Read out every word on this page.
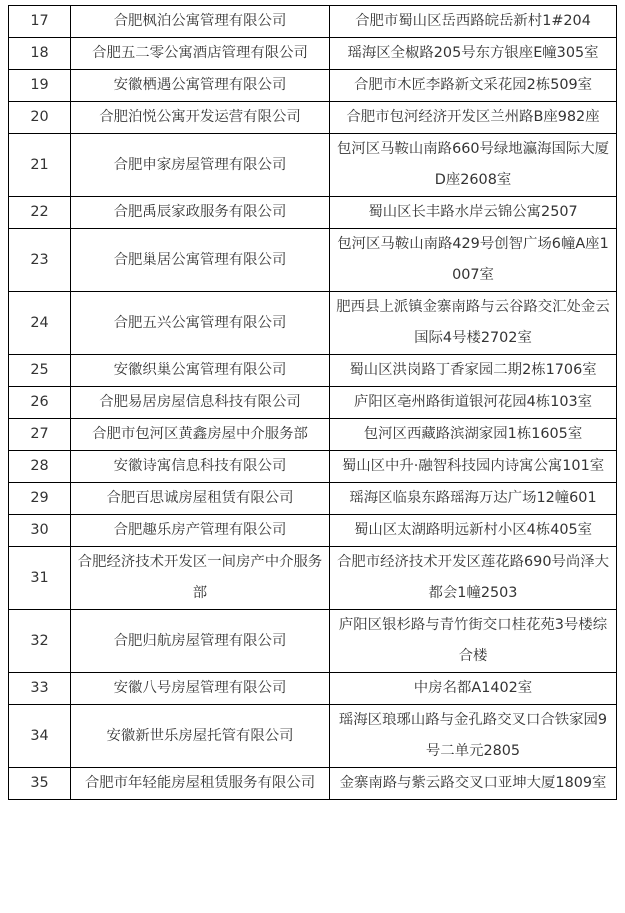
17	合肥枫泊公寓管理有限公司	合肥市蜀山区岳西路皖岳新村1#204
18	合肥五二零公寓酒店管理有限公司	瑶海区全椒路205号东方银座E幢305室
19	安徽栖遇公寓管理有限公司	合肥市木匠李路新文采花园2栋509室
20	合肥泊悦公寓开发运营有限公司	合肥市包河经济开发区兰州路B座982座
21	合肥申家房屋管理有限公司	包河区马鞍山南路660号绿地瀛海国际大厦D座2608室
22	合肥禹辰家政服务有限公司	蜀山区长丰路水岸云锦公寓2507
23	合肥巢居公寓管理有限公司	包河区马鞍山南路429号创智广场6幢A座1007室
24	合肥五兴公寓管理有限公司	肥西县上派镇金寨南路与云谷路交汇处金云国际4号楼2702室
25	安徽织巢公寓管理有限公司	蜀山区洪岗路丁香家园二期2栋1706室
26	合肥易居房屋信息科技有限公司	庐阳区亳州路街道银河花园4栋103室
27	合肥市包河区黄鑫房屋中介服务部	包河区西藏路滨湖家园1栋1605室
28	安徽诗寓信息科技有限公司	蜀山区中升·融智科技园内诗寓公寓101室
29	合肥百思诚房屋租赁有限公司	瑶海区临泉东路瑶海万达广场12幢601
30	合肥趣乐房产管理有限公司	蜀山区太湖路明远新村小区4栋405室
31	合肥经济技术开发区一间房产中介服务部	合肥市经济技术开发区莲花路690号尚泽大都会1幢2503
32	合肥归航房屋管理有限公司	庐阳区银杉路与青竹街交口桂花苑3号楼综合楼
33	安徽八号房屋管理有限公司	中房名都A1402室
34	安徽新世乐房屋托管有限公司	瑶海区琅琊山路与金孔路交叉口合铁家园9号二单元2805
35	合肥市年轻能房屋租赁服务有限公司	金寨南路与紫云路交叉口亚坤大厦1809室
